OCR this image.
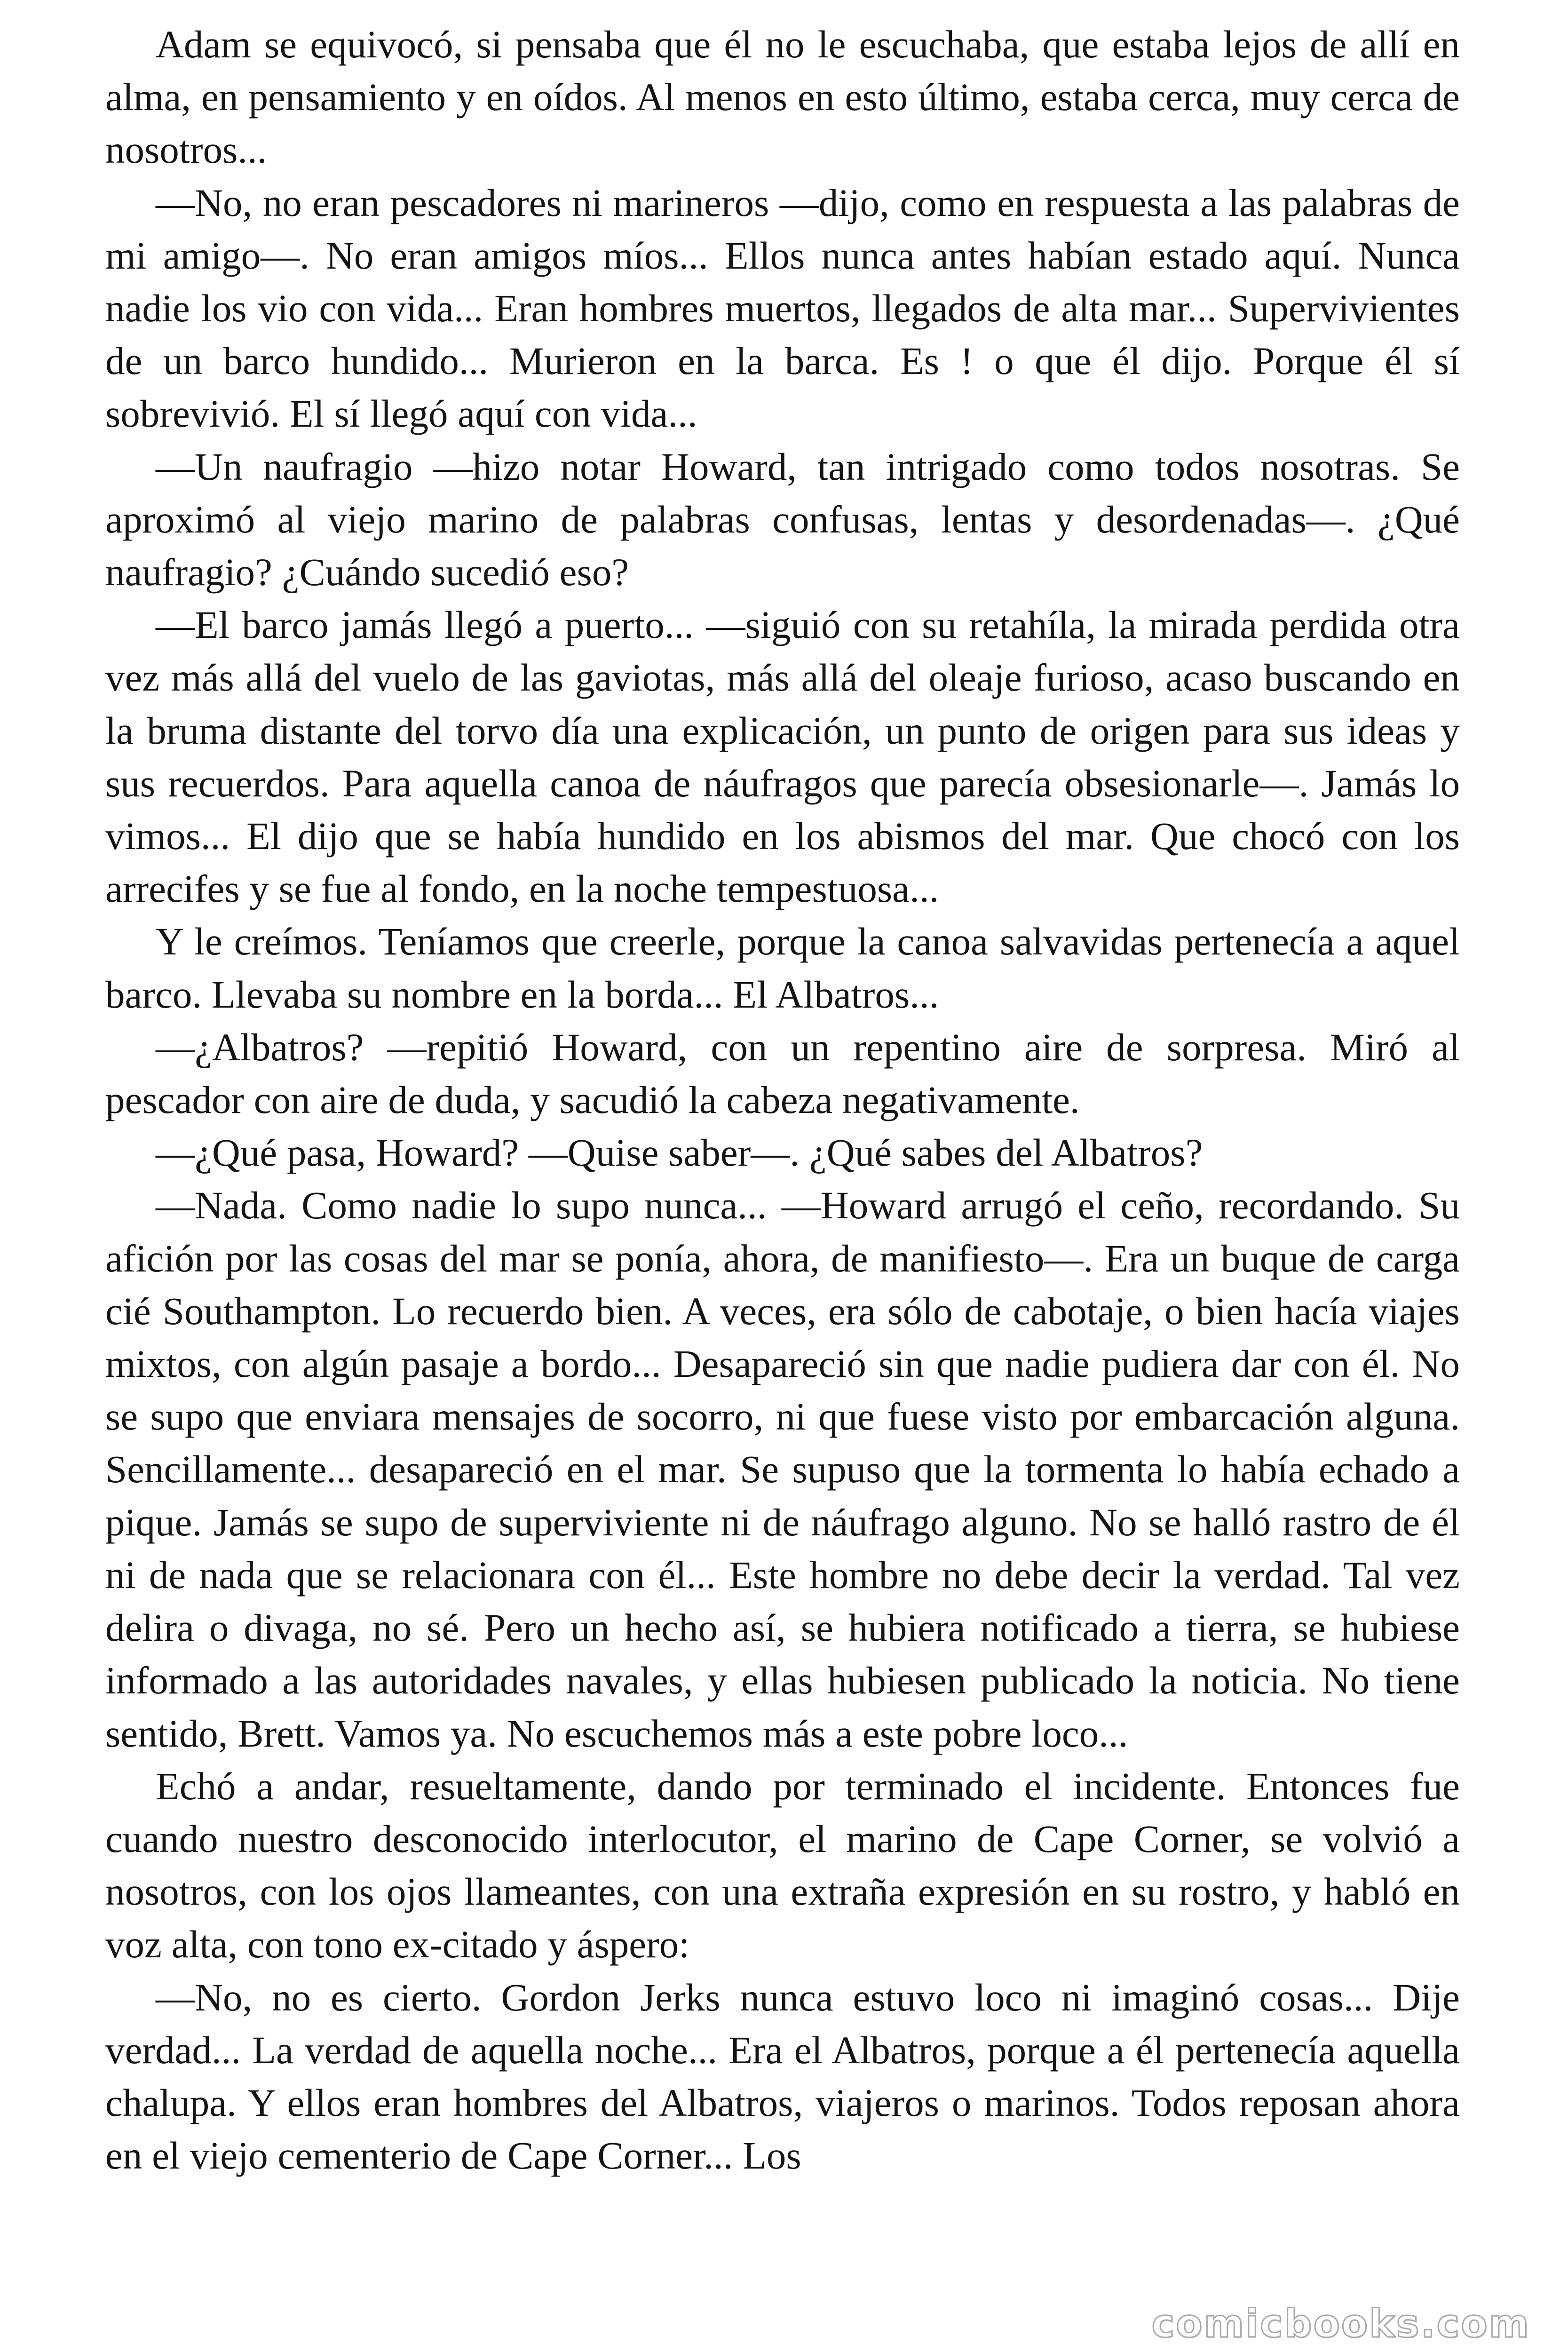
Adam se equivocó, si pensaba que él no le escuchaba, que estaba lejos de allí en alma, en pensamiento y en oídos. Al menos en esto último, estaba cerca, muy cerca de nosotros...

—No, no eran pescadores ni marineros —dijo, como en respuesta a las palabras de mi amigo—. No eran amigos míos... Ellos nunca antes habían estado aquí. Nunca nadie los vio con vida... Eran hombres muertos, llegados de alta mar... Supervivientes de un barco hundido... Murieron en la barca. Es ! o que él dijo. Porque él sí sobrevivió. El sí llegó aquí con vida...

—Un naufragio —hizo notar Howard, tan intrigado como todos nosotras. Se aproximó al viejo marino de palabras confusas, lentas y desordenadas—. ¿Qué naufragio? ¿Cuándo sucedió eso?

—El barco jamás llegó a puerto... —siguió con su retahíla, la mirada perdida otra vez más allá del vuelo de las gaviotas, más allá del oleaje furioso, acaso buscando en la bruma distante del torvo día una explicación, un punto de origen para sus ideas y sus recuerdos. Para aquella canoa de náufragos que parecía obsesionarle—. Jamás lo vimos... El dijo que se había hundido en los abismos del mar. Que chocó con los arrecifes y se fue al fondo, en la noche tempestuosa...

Y le creímos. Teníamos que creerle, porque la canoa salvavidas pertenecía a aquel barco. Llevaba su nombre en la borda... El Albatros...

—¿Albatros? —repitió Howard, con un repentino aire de sorpresa. Miró al pescador con aire de duda, y sacudió la cabeza negativamente.

—¿Qué pasa, Howard? —Quise saber—. ¿Qué sabes del Albatros?

—Nada. Como nadie lo supo nunca... —Howard arrugó el ceño, recordando. Su afición por las cosas del mar se ponía, ahora, de manifiesto—. Era un buque de carga cié Southampton. Lo recuerdo bien. A veces, era sólo de cabotaje, o bien hacía viajes mixtos, con algún pasaje a bordo... Desapareció sin que nadie pudiera dar con él. No se supo que enviara mensajes de socorro, ni que fuese visto por embarcación alguna. Sencillamente... desapareció en el mar. Se supuso que la tormenta lo había echado a pique. Jamás se supo de superviviente ni de náufrago alguno. No se halló rastro de él ni de nada que se relacionara con él... Este hombre no debe decir la verdad. Tal vez delira o divaga, no sé. Pero un hecho así, se hubiera notificado a tierra, se hubiese informado a las autoridades navales, y ellas hubiesen publicado la noticia. No tiene sentido, Brett. Vamos ya. No escuchemos más a este pobre loco...

Echó a andar, resueltamente, dando por terminado el incidente. Entonces fue cuando nuestro desconocido interlocutor, el marino de Cape Corner, se volvió a nosotros, con los ojos llameantes, con una extraña expresión en su rostro, y habló en voz alta, con tono ex-citado y áspero:

—No, no es cierto. Gordon Jerks nunca estuvo loco ni imaginó cosas... Dije verdad... La verdad de aquella noche... Era el Albatros, porque a él pertenecía aquella chalupa. Y ellos eran hombres del Albatros, viajeros o marinos. Todos reposan ahora en el viejo cementerio de Cape Corner... Los

comicbooks.com
